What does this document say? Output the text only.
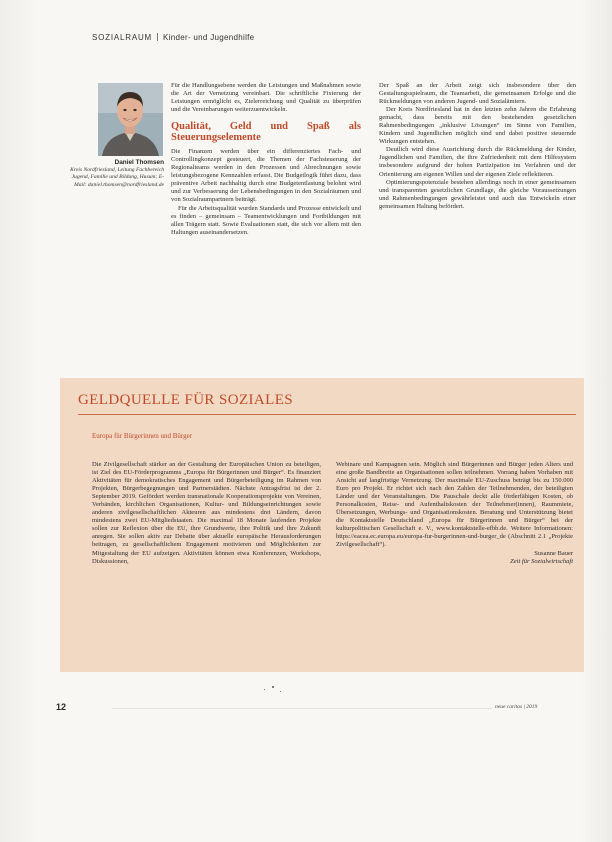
SOZIALRAUM Kinder- und Jugendhilfe
Daniel Thomsen
Kreis Nordfriesland, Leitung Fachbereich Jugend, Familie und Bildung, Husum; E-Mail: daniel.thomsen@nordfriesland.de

Für die Handlungsebene werden die Leistungen und Maßnahmen sowie die Art der Vernetzung vereinbart. Die schriftliche Fixierung der Leistungen ermöglicht es, Zielerreichung und Qualität zu überprüfen und die Vereinbarungen weiterzuentwickeln.

Qualität, Geld und Spaß als Steuerungselemente

Die Finanzen werden über ein differenziertes Fach- und Controllingkonzept gesteuert, die Themen der Fachsteuerung der Regionalteams werden in den Prozessen und Abrechnungen sowie leistungsbezogene Kennzahlen erfasst. Die Budgetlogik führt dazu, dass präventive Arbeit nachhaltig durch eine Budgetentlastung belohnt wird und zur Verbesserung der Lebensbedingungen in den Sozialräumen und von Sozialraumpartnern beiträgt.

Für die Arbeitsqualität wurden Standards und Prozesse entwickelt und es finden – gemeinsam – Teamentwicklungen und Fortbildungen mit allen Trägern statt. Sowie Evaluationen statt, die sich vor allem mit den Haltungen auseinandersetzen.

Der Spaß an der Arbeit zeigt sich insbesondere über den Gestaltungsspielraum, die Teamarbeit, die gemeinsamen Erfolge und die Rückmeldungen von anderen Jugend- und Sozialämtern.

Der Kreis Nordfriesland hat in den letzten zehn Jahren die Erfahrung gemacht, dass bereits mit den bestehenden gesetzlichen Rahmenbedingungen „inklusive Lösungen“ im Sinne von Familien, Kindern und Jugendlichen möglich sind und dabei positive steuernde Wirkungen entstehen.

Deutlich wird diese Ausrichtung durch die Rückmeldung der Kinder, Jugendlichen und Familien, die ihre Zufriedenheit mit dem Hilfesystem insbesondere aufgrund der hohen Partizipation im Verfahren und der Orientierung am eigenen Willen und der eigenen Ziele reflektieren.

Optimierungspotenziale bestehen allerdings noch in einer gemeinsamen und transparenten gesetzlichen Grundlage, die gleiche Voraussetzungen und Rahmenbedingungen gewährleistet und auch das Entwickeln einer gemeinsamen Haltung befördert.

GELDQUELLE FÜR SOZIALES
Europa für Bürgerinnen und Bürger

Die Zivilgesellschaft stärker an der Gestaltung der Europäischen Union zu beteiligen, ist Ziel des EU-Förderprogramms „Europa für Bürgerinnen und Bürger“. Es finanziert Aktivitäten für demokratisches Engagement und Bürgerbeteiligung im Rahmen von Projekten, Bürgerbegegnungen und Partnerstädten. Nächste Antragsfrist ist der 2. September 2019. Gefördert werden transnationale Kooperationsprojekte von Vereinen, Verbänden, kirchlichen Organisationen, Kultur- und Bildungseinrichtungen sowie anderen zivilgesellschaftlichen Akteuren aus mindestens drei Ländern, davon mindestens zwei EU-Mitgliedstaaten. Die maximal 18 Monate laufenden Projekte sollen zur Reflexion über die EU, ihre Grundwerte, ihre Politik und ihre Zukunft anregen. Sie sollen aktiv zur Debatte über aktuelle europäische Herausforderungen beitragen, zu gesellschaftlichem Engagement motivieren und Möglichkeiten zur Mitgestaltung der EU aufzeigen. Aktivitäten können etwa Konferenzen, Workshops, Diskussionen,

Webinare und Kampagnen sein. Möglich sind Bürgerinnen und Bürger jeden Alters und eine große Bandbreite an Organisationen sollen teilnehmen. Vorrang haben Vorhaben mit Ansicht auf langfristige Vernetzung. Der maximale EU-Zuschuss beträgt bis zu 150.000 Euro pro Projekt. Er richtet sich nach den Zahlen der Teilnehmenden, der beteiligten Länder und der Veranstaltungen. Die Pauschale deckt alle förderfähigen Kosten, ob Personalkosten, Reise- und Aufenthaltskosten der Teilnehmer(innen), Raummiete, Übersetzungen, Werbungs- und Organisationskosten. Beratung und Unterstützung bietet die Kontaktstelle Deutschland „Europa für Bürgerinnen und Bürger“ bei der kulturpolitischen Gesellschaft e. V., www.kontaktstelle-efbb.de. Weitere Informationen: https://eacea.ec.europa.eu/europa-fur-burgerinnen-und-burger_de (Abschnitt 2.1 „Projekte Zivilgesellschaft“).

Susanne Bauer

Zeit für Sozialwirtschaft

12	neue caritas | 2019
